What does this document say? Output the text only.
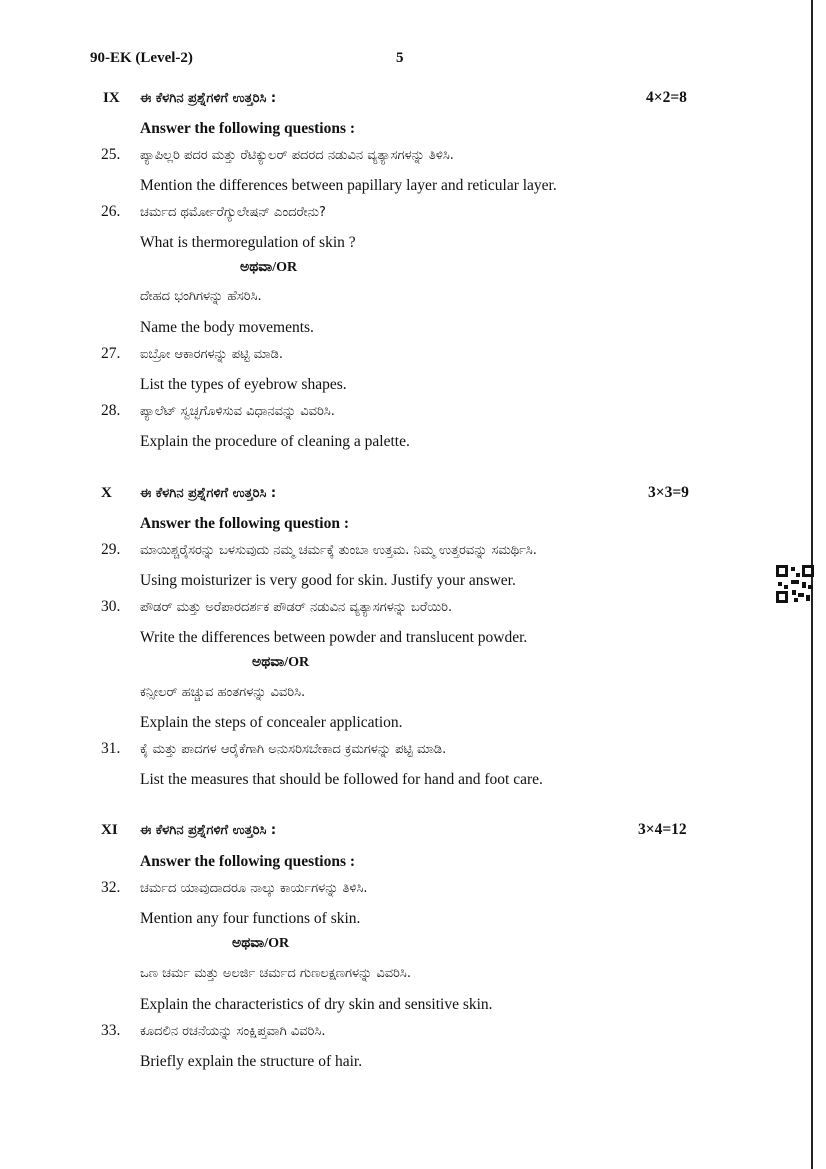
90-EK (Level-2)	5
IX ಈ ಕೆಳಗಿನ ಪ್ರಶ್ನೆಗಳಿಗೆ ಉತ್ತರಿಸಿ :	4×2=8
Answer the following questions :
25. ಪ್ಯಾಪಿಲ್ಲರಿ ಪದರ ಮತ್ತು ರೆಟಿಕ್ಯುಲರ್ ಪದರದ ನಡುವಿನ ವ್ಯತ್ಯಾಸಗಳನ್ನು ತಿಳಿಸಿ.
Mention the differences between papillary layer and reticular layer.
26. ಚರ್ಮದ ಥರ್ಮೋರೆಗ್ಯುಲೇಷನ್ ಎಂದರೇನು?
What is thermoregulation of skin ?
ಅಥವಾ/OR
ದೇಹದ ಭಂಗಿಗಳನ್ನು ಹೆಸರಿಸಿ.
Name the body movements.
27. ಐಬ್ರೋ ಆಕಾರಗಳನ್ನು ಪಟ್ಟಿ ಮಾಡಿ.
List the types of eyebrow shapes.
28. ಪ್ಯಾಲೆಟ್ ಸ್ವಚ್ಛಗೊಳಿಸುವ ವಿಧಾನವನ್ನು ವಿವರಿಸಿ.
Explain the procedure of cleaning a palette.
X ಈ ಕೆಳಗಿನ ಪ್ರಶ್ನೆಗಳಿಗೆ ಉತ್ತರಿಸಿ :	3×3=9
Answer the following question :
29. ಮಾಯಿಶ್ಚರೈಸರನ್ನು ಬಳಸುವುದು ನಮ್ಮ ಚರ್ಮಕ್ಕೆ ತುಂಬಾ ಉತ್ತಮ. ನಿಮ್ಮ ಉತ್ತರವನ್ನು ಸಮರ್ಥಿಸಿ.
Using moisturizer is very good for skin. Justify your answer.
30. ಪೌಡರ್ ಮತ್ತು ಅರೆಪಾರದರ್ಶಕ ಪೌಡರ್ ನಡುವಿನ ವ್ಯತ್ಯಾಸಗಳನ್ನು ಬರೆಯಿರಿ.
Write the differences between powder and translucent powder.
ಅಥವಾ/OR
ಕನ್ಸೀಲರ್ ಹಚ್ಚುವ ಹಂತಗಳನ್ನು ವಿವರಿಸಿ.
Explain the steps of concealer application.
31. ಕೈ ಮತ್ತು ಪಾದಗಳ ಆರೈಕೆಗಾಗಿ ಅನುಸರಿಸಬೇಕಾದ ಕ್ರಮಗಳನ್ನು ಪಟ್ಟಿ ಮಾಡಿ.
List the measures that should be followed for hand and foot care.
XI ಈ ಕೆಳಗಿನ ಪ್ರಶ್ನೆಗಳಿಗೆ ಉತ್ತರಿಸಿ :	3×4=12
Answer the following questions :
32. ಚರ್ಮದ ಯಾವುದಾದರೂ ನಾಲ್ಕು ಕಾರ್ಯಗಳನ್ನು ತಿಳಿಸಿ.
Mention any four functions of skin.
ಅಥವಾ/OR
ಒಣ ಚರ್ಮ ಮತ್ತು ಅಲರ್ಜಿ ಚರ್ಮದ ಗುಣಲಕ್ಷಣಗಳನ್ನು ವಿವರಿಸಿ.
Explain the characteristics of dry skin and sensitive skin.
33. ಕೂದಲಿನ ರಚನೆಯನ್ನು ಸಂಕ್ಷಿಪ್ತವಾಗಿ ವಿವರಿಸಿ.
Briefly explain the structure of hair.
